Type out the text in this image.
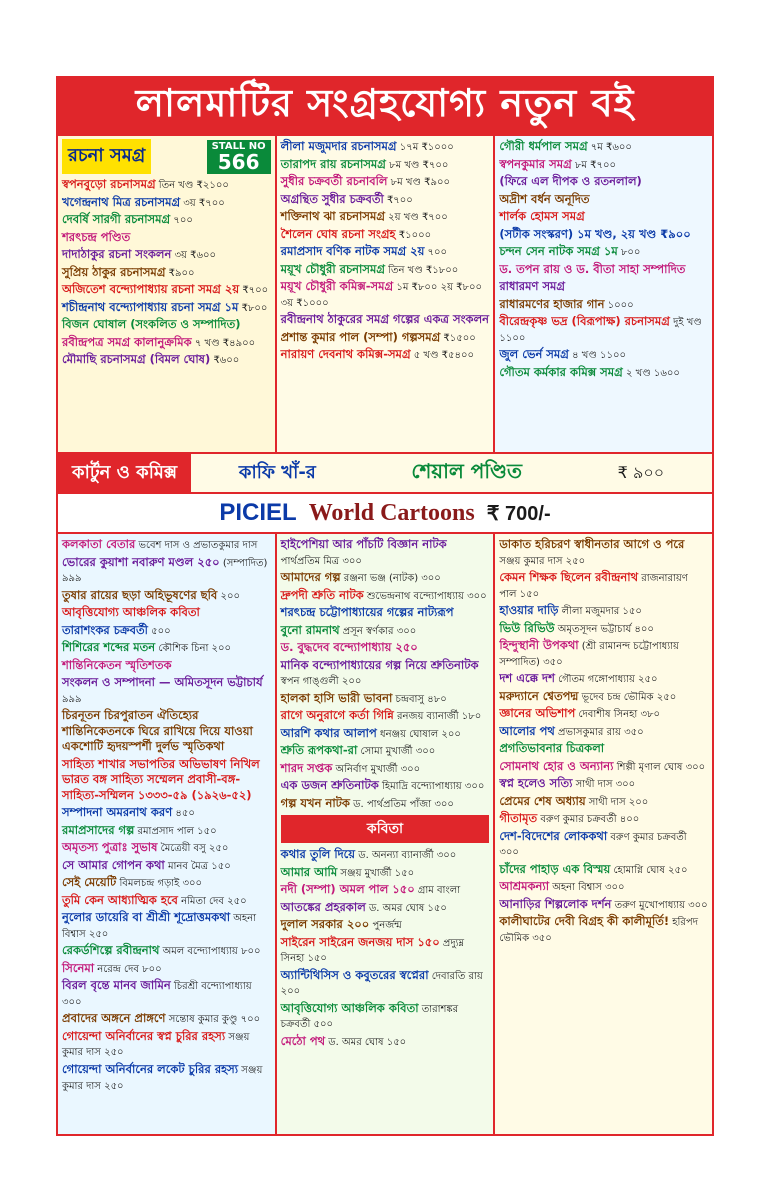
লালমাটির সংগ্রহযোগ্য নতুন বই
রচনা সমগ্র	STALL NO
566
স্বপনবুড়ো রচনাসমগ্র তিন খণ্ড ₹২১০০
খগেন্দ্রনাথ মিত্র রচনাসমগ্র ৩য় ₹৭০০
দেবর্ষি সারগী রচনাসমগ্র ৭০০
শরৎচন্দ্র পণ্ডিত
দাদাঠাকুর রচনা সংকলন ৩য় ₹৬০০
সুপ্রিয় ঠাকুর রচনাসমগ্র ₹৯০০
অজিতেশ বন্দ্যোপাধ্যায় রচনা সমগ্র ২য় ₹৭০০
শচীন্দ্রনাথ বন্দ্যোপাধ্যায় রচনা সমগ্র ১ম ₹৮০০
বিজন ঘোষাল (সংকলিত ও সম্পাদিত)
রবীন্দ্রপত্র সমগ্র কালানুক্রমিক ৭ খণ্ড ₹৪৯০০
মৌমাছি রচনাসমগ্র (বিমল ঘোষ) ₹৬০০
লীলা মজুমদার রচনাসমগ্র ১৭ম ₹১০০০
তারাপদ রায় রচনাসমগ্র ৮ম খণ্ড ₹৭০০
সুধীর চক্রবর্তী রচনাবলি ৮ম খণ্ড ₹৯০০
অগ্রন্থিত সুধীর চক্রবর্তী ₹৭০০
শক্তিনাথ ঝা রচনাসমগ্র ২য় খণ্ড ₹৭০০
শৈলেন ঘোষ রচনা সংগ্রহ ₹১০০০
রমাপ্রসাদ বণিক নাটক সমগ্র ২য় ৭০০
ময়ূখ চৌধুরী রচনাসমগ্র তিন খণ্ড ₹১৮০০
ময়ূখ চৌধুরী কমিক্স-সমগ্র ১ম ₹৮০০ ২য় ₹৮০০ ৩য় ₹১০০০
রবীন্দ্রনাথ ঠাকুরের সমগ্র গল্পের একত্র সংকলন
প্রশান্ত কুমার পাল (সম্পা) গল্পসমগ্র ₹১৫০০
নারায়ণ দেবনাথ কমিক্স-সমগ্র ৫ খণ্ড ₹৫৪০০
গৌরী ধর্মপাল সমগ্র ৭ম ₹৬০০
স্বপনকুমার সমগ্র ৮ম ₹৭০০
(ফিরে এল দীপক ও রতনলাল)
অদ্রীশ বর্ধন অনূদিত
শার্লক হোমস সমগ্র
(সটীক সংস্করণ) ১ম খণ্ড, ২য় খণ্ড ₹৯০০
চন্দন সেন নাটক সমগ্র ১ম ৮০০
ড. তপন রায় ও ড. বীতা সাহা সম্পাদিত
রাধারমণ সমগ্র
রাধারমণের হাজার গান ১০০০
বীরেন্দ্রকৃষ্ণ ভদ্র (বিরূপাক্ষ) রচনাসমগ্র দুই খণ্ড ১১০০
জুল ভের্ন সমগ্র ৪ খণ্ড ১১০০
গৌতম কর্মকার কমিক্স সমগ্র ২ খণ্ড ১৬০০
কার্টুন ও কমিক্স	কাফি খাঁ-র	শেয়াল পণ্ডিত	₹ ৯০০
PICIEL World Cartoons ₹ 700/-
কলকাতা বেতার ভবেশ দাস ও প্রভাতকুমার দাস
ভোরের কুয়াশা নবারুণ মণ্ডল ২৫০ (সম্পাদিত) ৯৯৯
তুষার রায়ের ছড়া অহিভূষণের ছবি ২০০
আবৃত্তিযোগ্য আঞ্চলিক কবিতা
তারাশংকর চক্রবর্তী ৫০০
শিশিরের শব্দের মতন কৌশিক চিনা ২০০
শান্তিনিকেতন স্মৃতিশতক
সংকলন ও সম্পাদনা — অমিতসূদন ভট্টাচার্য ৯৯৯
চিরনূতন চিরপুরাতন ঐতিহ্যের শান্তিনিকেতনকে ঘিরে রাখিয়ে দিয়ে যাওয়া একশোটি হৃদয়স্পর্শী দুর্লভ স্মৃতিকথা
সাহিত্য শাখার সভাপতির অভিভাষণ নিখিল ভারত বঙ্গ সাহিত্য সম্মেলন প্রবাসী-বঙ্গ-সাহিত্য-সম্মিলন ১৩৩৩-৫৯ (১৯২৬-৫২)
সম্পাদনা অমরনাথ করণ ৪৫০
রমাপ্রসাদের গল্প রমাপ্রসাদ পাল ১৫০
অমৃতস্য পুত্রাঃ সুভাষ মৈত্রেয়ী বসু ২৫০
সে আমার গোপন কথা মানব মৈত্র ১৫০
সেই মেয়েটি বিমলচন্দ্র গড়াই ৩০০
তুমি কেন আধ্যাত্মিক হবে নমিতা দেব ২৫০
নুলোর ডায়েরি বা শ্রীশ্রী শূদ্রোত্তমকথা অহনা বিশ্বাস ২৫০
রেকর্ডশিল্পে রবীন্দ্রনাথ অমল বন্দ্যোপাধ্যায় ৮০০
সিনেমা নরেন্দ্র দেব ৮০০
বিরল বৃন্তে মানব জামিন চিরশ্রী বন্দ্যোপাধ্যায় ৩০০
প্রবাদের অঙ্গনে প্রাঙ্গণে সন্তোষ কুমার কুণ্ডু ৭০০
গোয়েন্দা অনির্বানের স্বপ্ন চুরির রহস্য সঞ্জয় কুমার দাস ২৫০
গোয়েন্দা অনির্বানের লকেট চুরির রহস্য সঞ্জয় কুমার দাস ২৫০
হাইপেশিয়া আর পাঁচটি বিজ্ঞান নাটক পার্থপ্রতিম মিত্র ৩০০
আমাদের গল্প রঞ্জনা ভঞ্জ (নাটক) ৩০০
দ্রুপদী শ্রুতি নাটক শুভেন্দ্রনাথ বন্দ্যোপাধ্যায় ৩০০
শরৎচন্দ্র চট্টোপাধ্যায়ের গল্পের নাট্যরূপ
বুনো রামনাথ প্রসূন স্বর্ণকার ৩০০
ড. বুদ্ধদেব বন্দ্যোপাধ্যায় ২৫০
মানিক বন্দ্যোপাধ্যায়ের গল্প নিয়ে শ্রুতিনাটক স্বপন গাঙ্গুলী ২০০
হালকা হাসি ভারী ভাবনা চন্দ্রবাসু ৪৮০
রাগে অনুরাগে কর্তা গিন্নি রনজয় ব্যানার্জী ১৮০
আরশি কথার আলাপ ধনঞ্জয় ঘোষাল ২০০
শ্রুতি রূপকথা-রা সোমা মুখার্জী ৩০০
শারদ সপ্তক অনির্বাণ মুখার্জী ৩০০
এক ডজন শ্রুতিনাটক হিমাদ্রি বন্দ্যোপাধ্যায় ৩০০
গল্প যখন নাটক ড. পার্থপ্রতিম পাঁজা ৩০০
কবিতা
কথার তুলি দিয়ে ড. অনন্যা ব্যানার্জী ৩০০
আমার আমি সঞ্জয় মুখার্জী ১৫০
নদী (সম্পা) অমল পাল ১৫০ গ্রাম বাংলা
আতঙ্কের প্রহরকাল ড. অমর ঘোষ ১৫০
দুলাল সরকার ২০০ পুনর্জন্ম
সাইরেন সাইরেন জনজয় দাস ১৫০ প্রদ্যুম্ন সিনহা ১৫০
অ্যান্টিথিসিস ও কবুতরের স্বপ্নেরা দেবারতি রায় ২০০
আবৃত্তিযোগ্য আঞ্চলিক কবিতা তারাশঙ্কর চক্রবর্তী ৫০০
মেঠো পথ ড. অমর ঘোষ ১৫০
ডাকাত হরিচরণ স্বাধীনতার আগে ও পরে সঞ্জয় কুমার দাস ২৫০
কেমন শিক্ষক ছিলেন রবীন্দ্রনাথ রাজনারায়ণ পাল ১৫০
হাওয়ার দাড়ি লীলা মজুমদার ১৫০
ভিউ রিভিউ অমৃতসূদন ভট্টাচার্য ৪০০
হিন্দুস্থানী উপকথা (শ্রী রামানন্দ চট্টোপাধ্যায় সম্পাদিত) ৩৫০
দশ এক্কে দশ গৌতম গঙ্গোপাধ্যায় ২৫০
মরুদ্যানে শ্বেতপদ্ম ভূদেব চন্দ্র ভৌমিক ২৫০
জ্ঞানের অভিশাপ দেবাশীষ সিনহা ৩৮০
আলোর পথ প্রভাসকুমার রায় ৩৫০
প্রগতিভাবনার চিত্রকলা
সোমনাথ হোর ও অন্যান্য শিল্পী মৃণাল ঘোষ ৩০০
স্বপ্ন হলেও সত্যি সাথী দাস ৩০০
প্রেমের শেষ অধ্যায় সাথী দাস ২০০
গীতামৃত বরুণ কুমার চক্রবর্তী ৪০০
দেশ-বিদেশের লোককথা বরুণ কুমার চক্রবর্তী ৩০০
চাঁদের পাহাড় এক বিস্ময় হোমাগ্নি ঘোষ ২৫০
আশ্রমকন্যা অহনা বিশ্বাস ৩০০
আনাড়ির শিল্পলোক দর্শন তরুণ মুখোপাধ্যায় ৩০০
কালীঘাটের দেবী বিগ্রহ কী কালীমূর্তি! হরিপদ ভৌমিক ৩৫০
